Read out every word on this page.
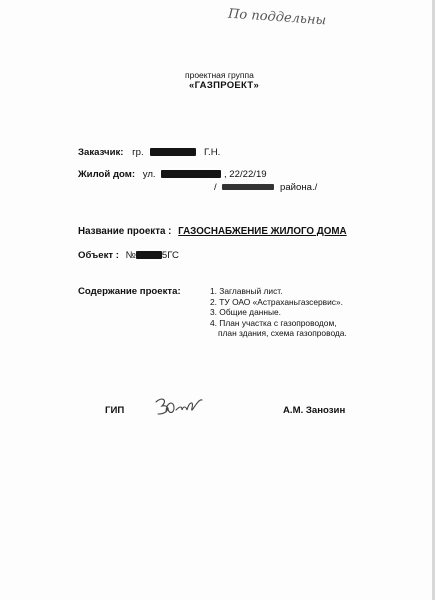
По поддельны
проектная группа
«ГАЗПРОЕКТ»
Заказчик: гр.	Г.Н.
Жилой дом: ул.	, 22/22/19
/	района./
Название проекта : ГАЗОСНАБЖЕНИЕ ЖИЛОГО ДОМА
Объект : №	5ГС
Содержание проекта:	1. Заглавный лист.
2. ТУ ОАО «Астраханьгазсервис».
3. Общие данные.
4. План участка с газопроводом,
план здания, схема газопровода.
ГИП	А.М. Занозин
